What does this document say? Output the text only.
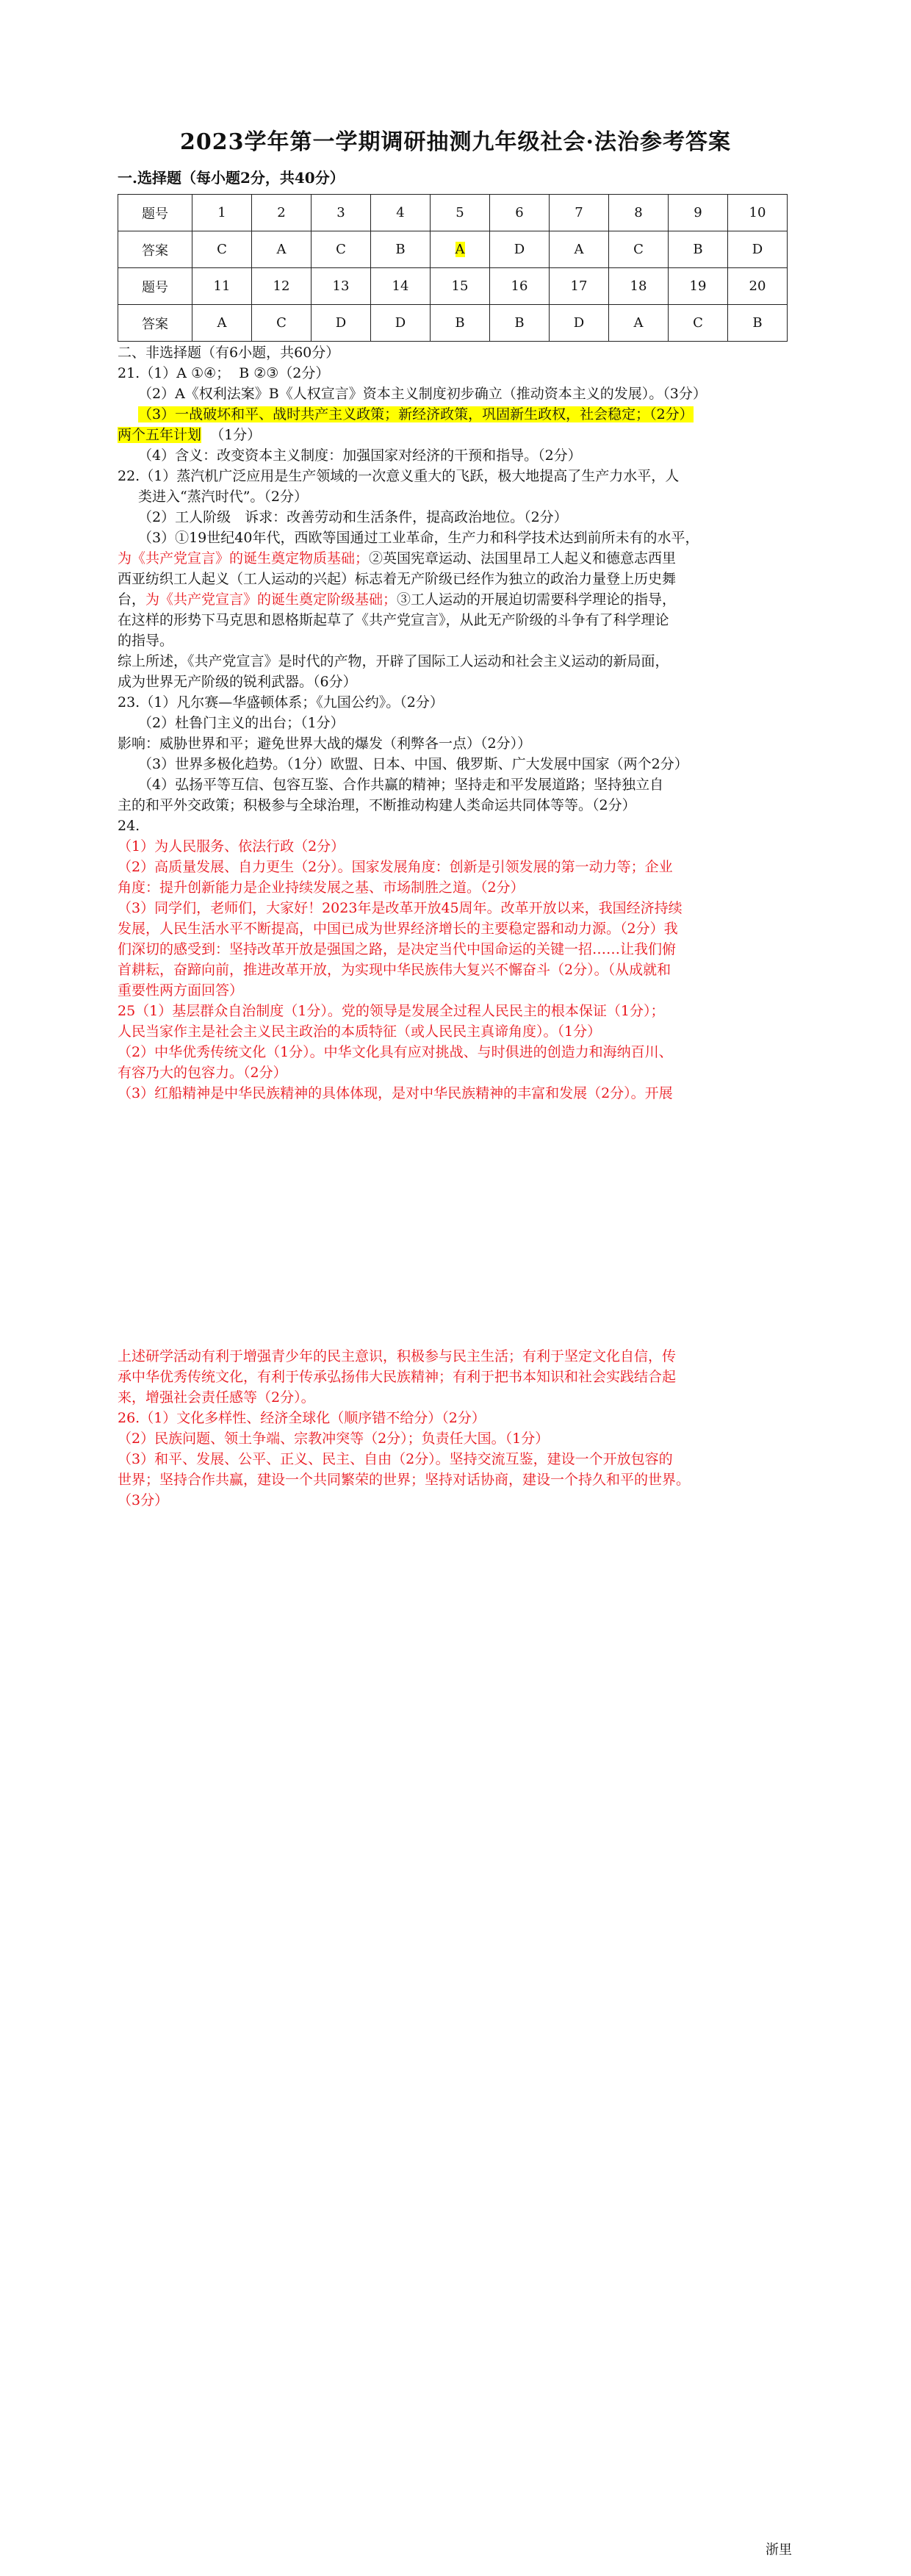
2023学年第一学期调研抽测九年级社会·法治参考答案
一.选择题（每小题2分，共40分）
题号	1	2	3	4	5	6	7	8	9	10
答案	C	A	C	B	A	D	A	C	B	D
题号	11	12	13	14	15	16	17	18	19	20
答案	A	C	D	D	B	B	D	A	C	B

二、非选择题（有6小题，共60分）

21.（1）A ①④；  B ②③（2分）

（2）A《权利法案》B《人权宣言》资本主义制度初步确立（推动资本主义的发展）。（3分）

（3）一战破坏和平、战时共产主义政策；新经济政策，巩固新生政权，社会稳定；（2分）

两个五年计划 （1分）

（4）含义：改变资本主义制度：加强国家对经济的干预和指导。（2分）

22.（1）蒸汽机广泛应用是生产领域的一次意义重大的飞跃，极大地提高了生产力水平，人

类进入“蒸汽时代”。（2分）

（2）工人阶级　诉求：改善劳动和生活条件，提高政治地位。（2分）

（3）①19世纪40年代，西欧等国通过工业革命，生产力和科学技术达到前所未有的水平，

为《共产党宣言》的诞生奠定物质基础；②英国宪章运动、法国里昂工人起义和德意志西里

西亚纺织工人起义（工人运动的兴起）标志着无产阶级已经作为独立的政治力量登上历史舞

台，为《共产党宣言》的诞生奠定阶级基础；③工人运动的开展迫切需要科学理论的指导，

在这样的形势下马克思和恩格斯起草了《共产党宣言》，从此无产阶级的斗争有了科学理论

的指导。

综上所述，《共产党宣言》是时代的产物，开辟了国际工人运动和社会主义运动的新局面，

成为世界无产阶级的锐利武器。（6分）

23.（1）凡尔赛—华盛顿体系；《九国公约》。（2分）

（2）杜鲁门主义的出台；（1分）

影响：威胁世界和平；避免世界大战的爆发（利弊各一点）（2分））

（3）世界多极化趋势。（1分）欧盟、日本、中国、俄罗斯、广大发展中国家（两个2分）

（4）弘扬平等互信、包容互鉴、合作共赢的精神；坚持走和平发展道路；坚持独立自

主的和平外交政策；积极参与全球治理，不断推动构建人类命运共同体等等。（2分）

24.

（1）为人民服务、依法行政（2分）

（2）高质量发展、自力更生（2分）。国家发展角度：创新是引领发展的第一动力等；企业

角度：提升创新能力是企业持续发展之基、市场制胜之道。（2分）

（3）同学们，老师们，大家好！2023年是改革开放45周年。改革开放以来，我国经济持续

发展，人民生活水平不断提高，中国已成为世界经济增长的主要稳定器和动力源。（2分）我

们深切的感受到：坚持改革开放是强国之路，是决定当代中国命运的关键一招……让我们俯

首耕耘，奋蹄向前，推进改革开放，为实现中华民族伟大复兴不懈奋斗（2分）。（从成就和

重要性两方面回答）

25（1）基层群众自治制度（1分）。党的领导是发展全过程人民民主的根本保证（1分）；

人民当家作主是社会主义民主政治的本质特征（或人民民主真谛角度）。（1分）

（2）中华优秀传统文化（1分）。中华文化具有应对挑战、与时俱进的创造力和海纳百川、

有容乃大的包容力。（2分）

（3）红船精神是中华民族精神的具体体现，是对中华民族精神的丰富和发展（2分）。开展

上述研学活动有利于增强青少年的民主意识，积极参与民主生活；有利于坚定文化自信，传

承中华优秀传统文化，有利于传承弘扬伟大民族精神；有利于把书本知识和社会实践结合起

来，增强社会责任感等（2分）。

26.（1）文化多样性、经济全球化（顺序错不给分）（2分）

（2）民族问题、领土争端、宗教冲突等（2分）；负责任大国。（1分）

（3）和平、发展、公平、正义、民主、自由（2分）。坚持交流互鉴，建设一个开放包容的

世界；坚持合作共赢，建设一个共同繁荣的世界；坚持对话协商，建设一个持久和平的世界。

（3分）

浙里
